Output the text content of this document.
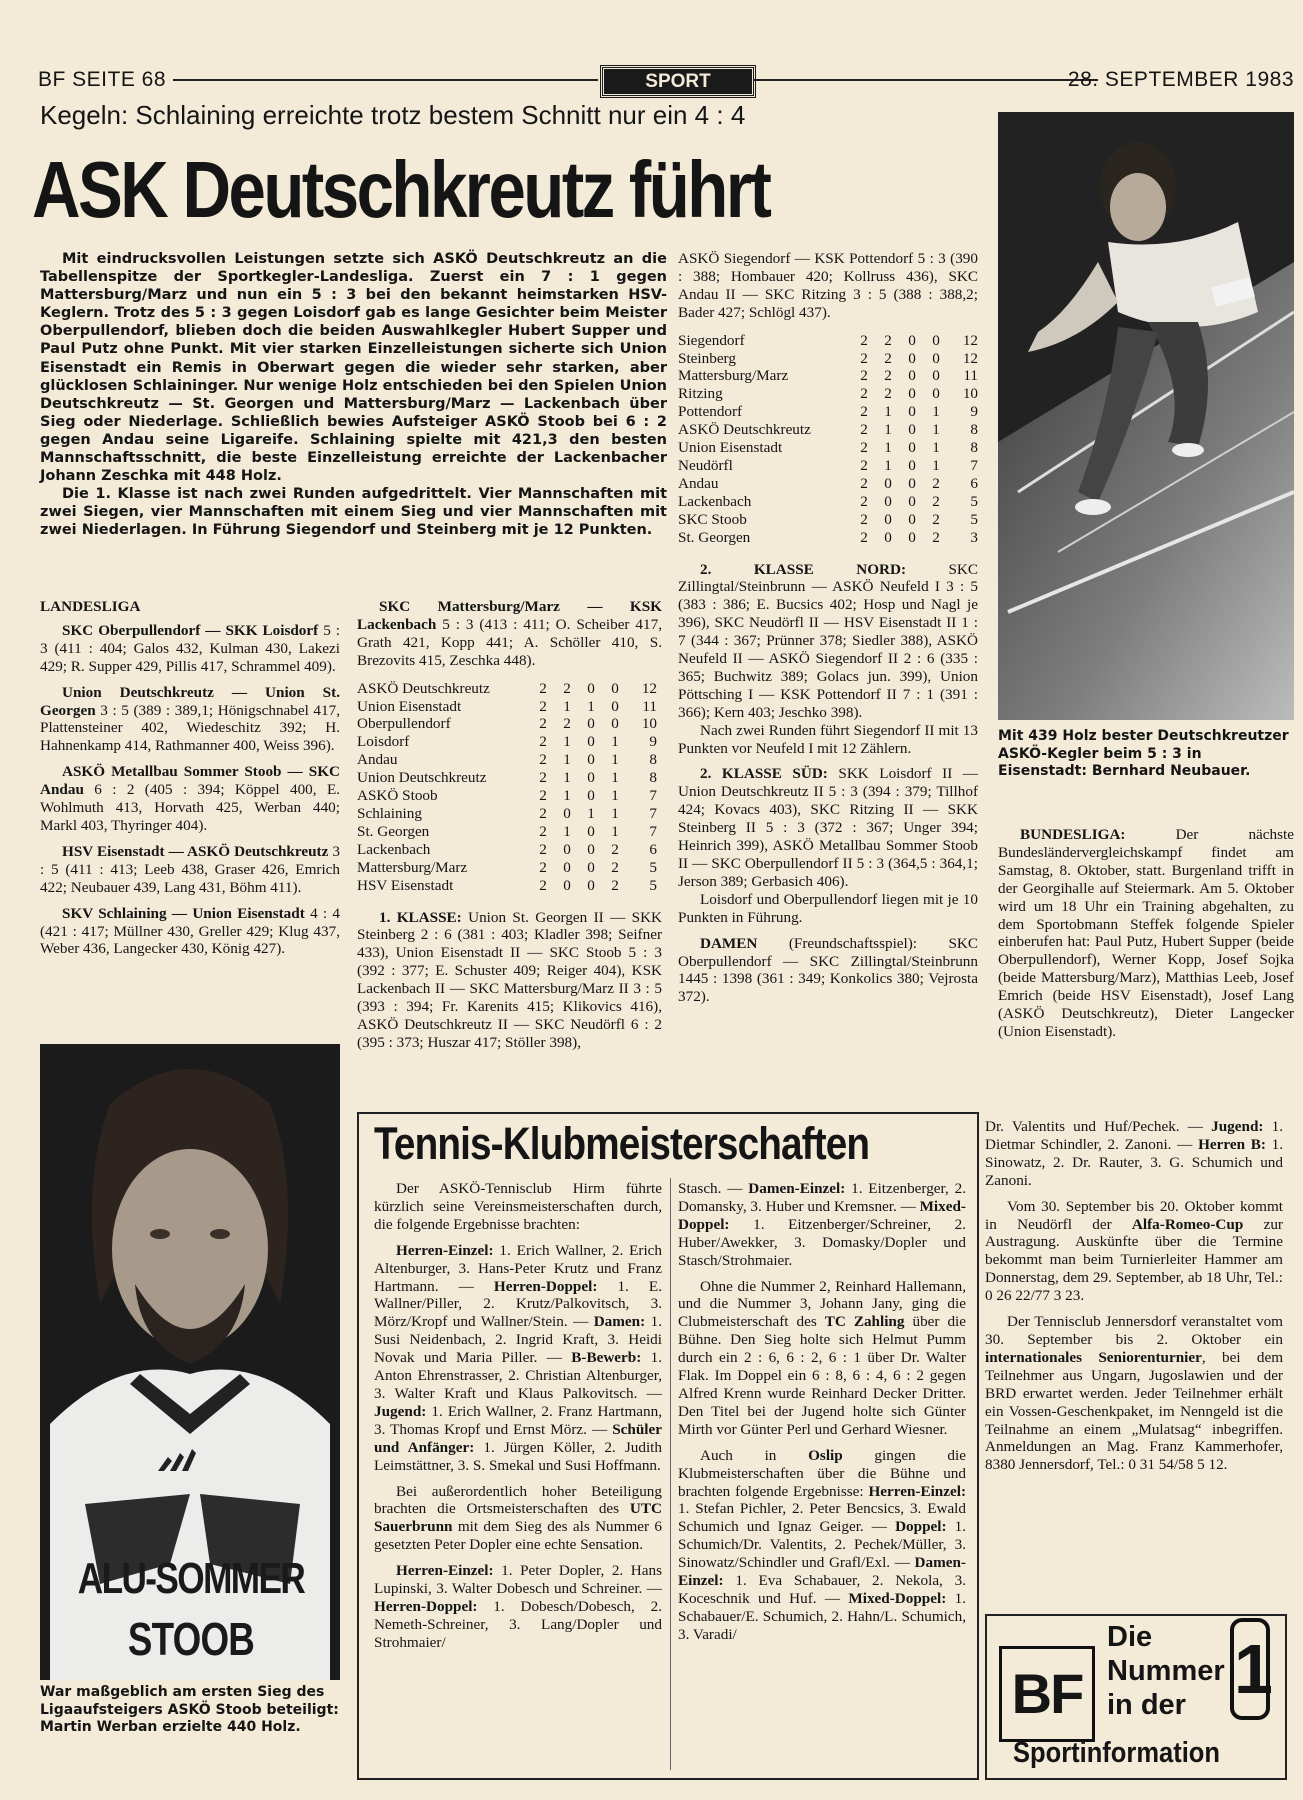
BF SEITE 68	SPORT	28. SEPTEMBER 1983
Kegeln: Schlaining erreichte trotz bestem Schnitt nur ein 4 : 4
ASK Deutschkreutz führt

Mit eindrucksvollen Leistungen setzte sich ASKÖ Deutschkreutz an die Tabellenspitze der Sportkegler-Landesliga. Zuerst ein 7 : 1 gegen Mattersburg/Marz und nun ein 5 : 3 bei den bekannt heimstarken HSV-Keglern. Trotz des 5 : 3 gegen Loisdorf gab es lange Gesichter beim Meister Oberpullendorf, blieben doch die beiden Auswahlkegler Hubert Supper und Paul Putz ohne Punkt. Mit vier starken Einzelleistungen sicherte sich Union Eisenstadt ein Remis in Oberwart gegen die wieder sehr starken, aber glücklosen Schlaininger. Nur wenige Holz entschieden bei den Spielen Union Deutschkreutz — St. Georgen und Mattersburg/Marz — Lackenbach über Sieg oder Niederlage. Schließlich bewies Aufsteiger ASKÖ Stoob bei 6 : 2 gegen Andau seine Ligareife. Schlaining spielte mit 421,3 den besten Mannschaftsschnitt, die beste Einzelleistung erreichte der Lackenbacher Johann Zeschka mit 448 Holz.

Die 1. Klasse ist nach zwei Runden aufgedrittelt. Vier Mannschaften mit zwei Siegen, vier Mannschaften mit einem Sieg und vier Mannschaften mit zwei Niederlagen. In Führung Siegendorf und Steinberg mit je 12 Punkten.

LANDESLIGA

SKC Oberpullendorf — SKK Loisdorf 5 : 3 (411 : 404; Galos 432, Kulman 430, Lakezi 429; R. Supper 429, Pillis 417, Schrammel 409).

Union Deutschkreutz — Union St. Georgen 3 : 5 (389 : 389,1; Hönigschnabel 417, Plattensteiner 402, Wiedeschitz 392; H. Hahnenkamp 414, Rathmanner 400, Weiss 396).

ASKÖ Metallbau Sommer Stoob — SKC Andau 6 : 2 (405 : 394; Köppel 400, E. Wohlmuth 413, Horvath 425, Werban 440; Markl 403, Thyringer 404).

HSV Eisenstadt — ASKÖ Deutschkreutz 3 : 5 (411 : 413; Leeb 438, Graser 426, Emrich 422; Neubauer 439, Lang 431, Böhm 411).

SKV Schlaining — Union Eisenstadt 4 : 4 (421 : 417; Müllner 430, Greller 429; Klug 437, Weber 436, Langecker 430, König 427).

SKC Mattersburg/Marz — KSK Lackenbach 5 : 3 (413 : 411; O. Scheiber 417, Grath 421, Kopp 441; A. Schöller 410, S. Brezovits 415, Zeschka 448).

ASKÖ Deutschkreutz	2	2	0	0	12
Union Eisenstadt	2	1	1	0	11
Oberpullendorf	2	2	0	0	10
Loisdorf	2	1	0	1	9
Andau	2	1	0	1	8
Union Deutschkreutz	2	1	0	1	8
ASKÖ Stoob	2	1	0	1	7
Schlaining	2	0	1	1	7
St. Georgen	2	1	0	1	7
Lackenbach	2	0	0	2	6
Mattersburg/Marz	2	0	0	2	5
HSV Eisenstadt	2	0	0	2	5

1. KLASSE: Union St. Georgen II — SKK Steinberg 2 : 6 (381 : 403; Kladler 398; Seifner 433), Union Eisenstadt II — SKC Stoob 5 : 3 (392 : 377; E. Schuster 409; Reiger 404), KSK Lackenbach II — SKC Mattersburg/Marz II 3 : 5 (393 : 394; Fr. Karenits 415; Klikovics 416), ASKÖ Deutschkreutz II — SKC Neudörfl 6 : 2 (395 : 373; Huszar 417; Stöller 398),

ASKÖ Siegendorf — KSK Pottendorf 5 : 3 (390 : 388; Hombauer 420; Kollruss 436), SKC Andau II — SKC Ritzing 3 : 5 (388 : 388,2; Bader 427; Schlögl 437).

Siegendorf	2	2	0	0	12
Steinberg	2	2	0	0	12
Mattersburg/Marz	2	2	0	0	11
Ritzing	2	2	0	0	10
Pottendorf	2	1	0	1	9
ASKÖ Deutschkreutz	2	1	0	1	8
Union Eisenstadt	2	1	0	1	8
Neudörfl	2	1	0	1	7
Andau	2	0	0	2	6
Lackenbach	2	0	0	2	5
SKC Stoob	2	0	0	2	5
St. Georgen	2	0	0	2	3

2. KLASSE NORD:	SKC Zillingtal/Steinbrunn — ASKÖ Neufeld I 3 : 5 (383 : 386; E. Bucsics 402; Hosp und Nagl je 396), SKC Neudörfl II — HSV Eisenstadt II 1 : 7 (344 : 367; Prünner 378; Siedler 388), ASKÖ Neufeld II — ASKÖ Siegendorf II 2 : 6 (335 : 365; Buchwitz 389; Golacs jun. 399), Union Pöttsching I — KSK Pottendorf II 7 : 1 (391 : 366); Kern 403; Jeschko 398).

Nach zwei Runden führt Siegendorf II mit 13 Punkten vor Neufeld I mit 12 Zählern.

2. KLASSE SÜD: SKK Loisdorf II — Union Deutschkreutz II 5 : 3 (394 : 379; Tillhof 424; Kovacs 403), SKC Ritzing II — SKK Steinberg II 5 : 3 (372 : 367; Unger 394; Heinrich 399), ASKÖ Metallbau Sommer Stoob II — SKC Oberpullendorf II 5 : 3 (364,5 : 364,1; Jerson 389; Gerbasich 406).

Loisdorf und Oberpullendorf liegen mit je 10 Punkten in Führung.

DAMEN (Freundschaftsspiel): SKC Oberpullendorf — SKC Zillingtal/Steinbrunn 1445 : 1398 (361 : 349; Konkolics 380; Vejrosta 372).

Mit 439 Holz bester Deutschkreutzer ASKÖ-Kegler beim 5 : 3 in Eisenstadt: Bernhard Neubauer.

BUNDESLIGA:	Der nächste Bundesländervergleichskampf findet am Samstag, 8. Oktober, statt. Burgenland trifft in der Georgihalle auf Steiermark. Am 5. Oktober wird um 18 Uhr ein Training abgehalten, zu dem Sportobmann Steffek folgende Spieler einberufen hat: Paul Putz, Hubert Supper (beide Oberpullendorf), Werner Kopp, Josef Sojka (beide Mattersburg/Marz), Matthias Leeb, Josef Emrich (beide HSV Eisenstadt), Josef Lang (ASKÖ Deutschkreutz), Dieter Langecker (Union Eisenstadt).

ALU-SOMMER
STOOB
War maßgeblich am ersten Sieg des Ligaaufsteigers ASKÖ Stoob beteiligt: Martin Werban erzielte 440 Holz.
Tennis-Klubmeisterschaften

Der ASKÖ-Tennisclub Hirm führte kürzlich seine Vereinsmeisterschaften durch, die folgende Ergebnisse brachten:

Herren-Einzel: 1. Erich Wallner, 2. Erich Altenburger, 3. Hans-Peter Krutz und Franz Hartmann. — Herren-Doppel: 1. E. Wallner/Piller, 2. Krutz/Palkovitsch, 3. Mörz/Kropf und Wallner/Stein. — Damen: 1. Susi Neidenbach, 2. Ingrid Kraft, 3. Heidi Novak und Maria Piller. — B-Bewerb: 1. Anton Ehrenstrasser, 2. Christian Altenburger, 3. Walter Kraft und Klaus Palkovitsch. — Jugend: 1. Erich Wallner, 2. Franz Hartmann, 3. Thomas Kropf und Ernst Mörz. — Schüler und Anfänger: 1. Jürgen Köller, 2. Judith Leimstättner, 3. S. Smekal und Susi Hoffmann.

Bei außerordentlich hoher Beteiligung brachten die Ortsmeisterschaften des UTC Sauerbrunn mit dem Sieg des als Nummer 6 gesetzten Peter Dopler eine echte Sensation.

Herren-Einzel: 1. Peter Dopler, 2. Hans Lupinski, 3. Walter Dobesch und Schreiner. — Herren-Doppel: 1. Dobesch/Dobesch, 2. Nemeth-Schreiner, 3. Lang/Dopler und Strohmaier/

Stasch. — Damen-Einzel: 1. Eitzenberger, 2. Domansky, 3. Huber und Kremsner. — Mixed-Doppel: 1. Eitzenberger/Schreiner, 2. Huber/Awekker, 3. Domasky/Dopler und Stasch/Strohmaier.

Ohne die Nummer 2, Reinhard Hallemann, und die Nummer 3, Johann Jany, ging die Clubmeisterschaft des TC Zahling über die Bühne. Den Sieg holte sich Helmut Pumm durch ein 2 : 6, 6 : 2, 6 : 1 über Dr. Walter Flak. Im Doppel ein 6 : 8, 6 : 4, 6 : 2 gegen Alfred Krenn wurde Reinhard Decker Dritter. Den Titel bei der Jugend holte sich Günter Mirth vor Günter Perl und Gerhard Wiesner.

Auch in Oslip gingen die Klubmeisterschaften über die Bühne und brachten folgende Ergebnisse: Herren-Einzel: 1. Stefan Pichler, 2. Peter Bencsics, 3. Ewald Schumich und Ignaz Geiger. — Doppel: 1. Schumich/Dr. Valentits, 2. Pechek/Müller, 3. Sinowatz/Schindler und Grafl/Exl. — Damen-Einzel: 1. Eva Schabauer, 2. Nekola, 3. Koceschnik und Huf. — Mixed-Doppel: 1. Schabauer/E. Schumich, 2. Hahn/L. Schumich, 3. Varadi/

Dr. Valentits und Huf/Pechek. — Jugend: 1. Dietmar Schindler, 2. Zanoni. — Herren B: 1. Sinowatz, 2. Dr. Rauter, 3. G. Schumich und Zanoni.

Vom 30. September bis 20. Oktober kommt in Neudörfl der Alfa-Romeo-Cup zur Austragung. Auskünfte über die Termine bekommt man beim Turnierleiter Hammer am Donnerstag, dem 29. September, ab 18 Uhr, Tel.: 0 26 22/77 3 23.

Der Tennisclub Jennersdorf veranstaltet vom 30. September bis 2. Oktober ein internationales Seniorenturnier, bei dem Teilnehmer aus Ungarn, Jugoslawien und der BRD erwartet werden. Jeder Teilnehmer erhält ein Vossen-Geschenkpaket, im Nenngeld ist die Teilnahme an einem „Mulatsag“ inbegriffen. Anmeldungen an Mag. Franz Kammerhofer, 8380 Jennersdorf, Tel.: 0 31 54/58 5 12.

BF
Die
Nummer
in der 1
Sportinformation
